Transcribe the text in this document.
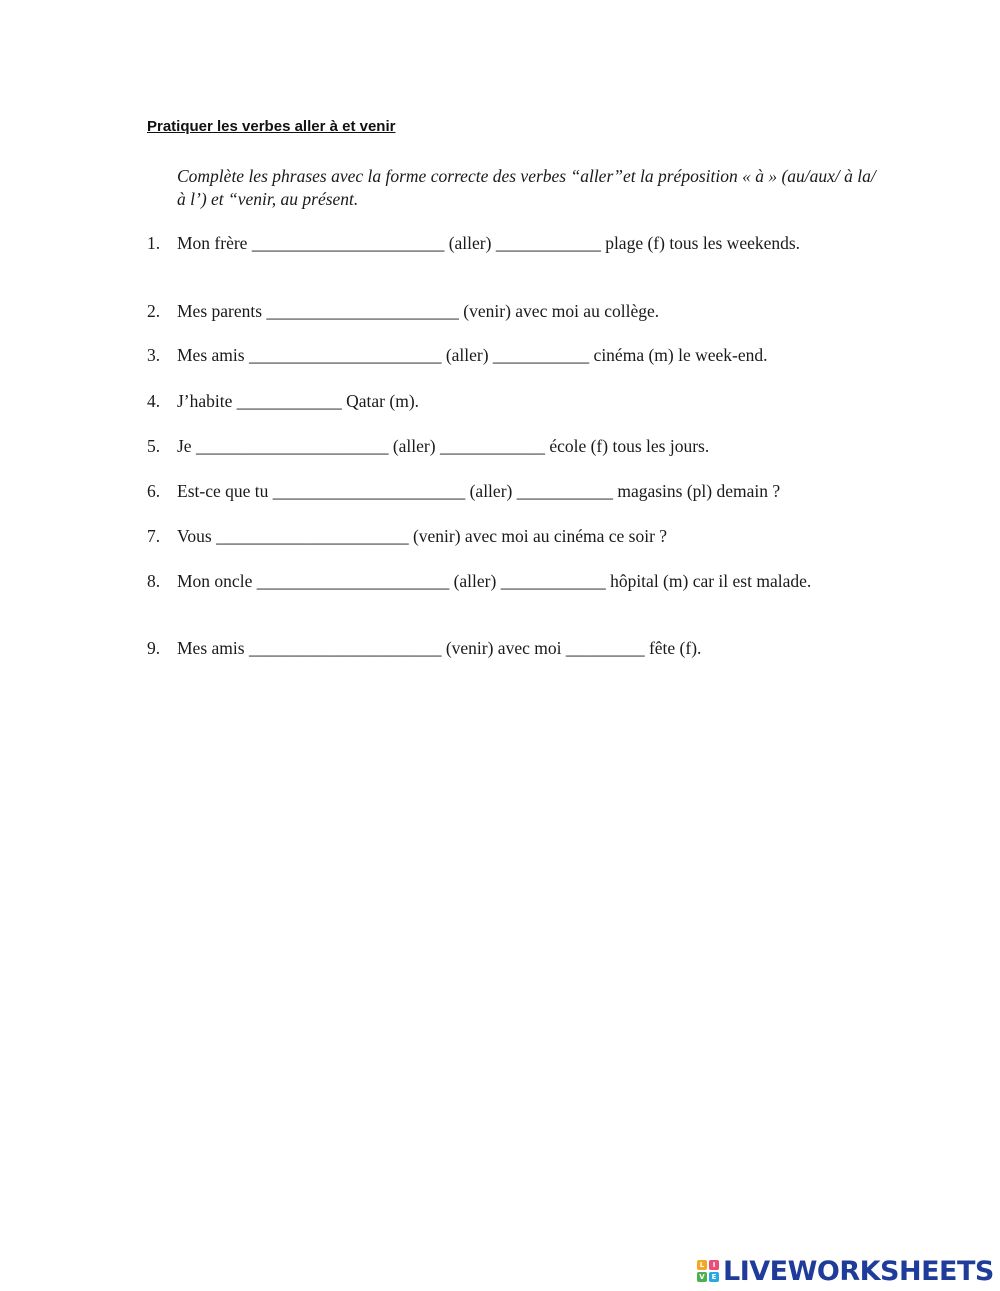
Pratiquer les verbes aller à et venir
Complète les phrases avec la forme correcte des verbes “aller”et la préposition « à » (au/aux/ à la/ à l’) et “venir, au présent.
1. Mon frère ______________________ (aller) ____________ plage (f) tous les weekends.
2. Mes parents ______________________ (venir) avec moi au collège.
3. Mes amis ______________________ (aller) ___________ cinéma (m) le week-end.
4. J’habite ____________ Qatar (m).
5. Je ______________________ (aller) ____________ école (f) tous les jours.
6. Est-ce que tu ______________________ (aller) ___________ magasins (pl) demain ?
7. Vous ______________________ (venir) avec moi au cinéma ce soir ?
8. Mon oncle ______________________ (aller) ____________ hôpital (m) car il est malade.
9. Mes amis ______________________ (venir) avec moi _________ fête (f).
L	I
V E LIVEWORKSHEETS
